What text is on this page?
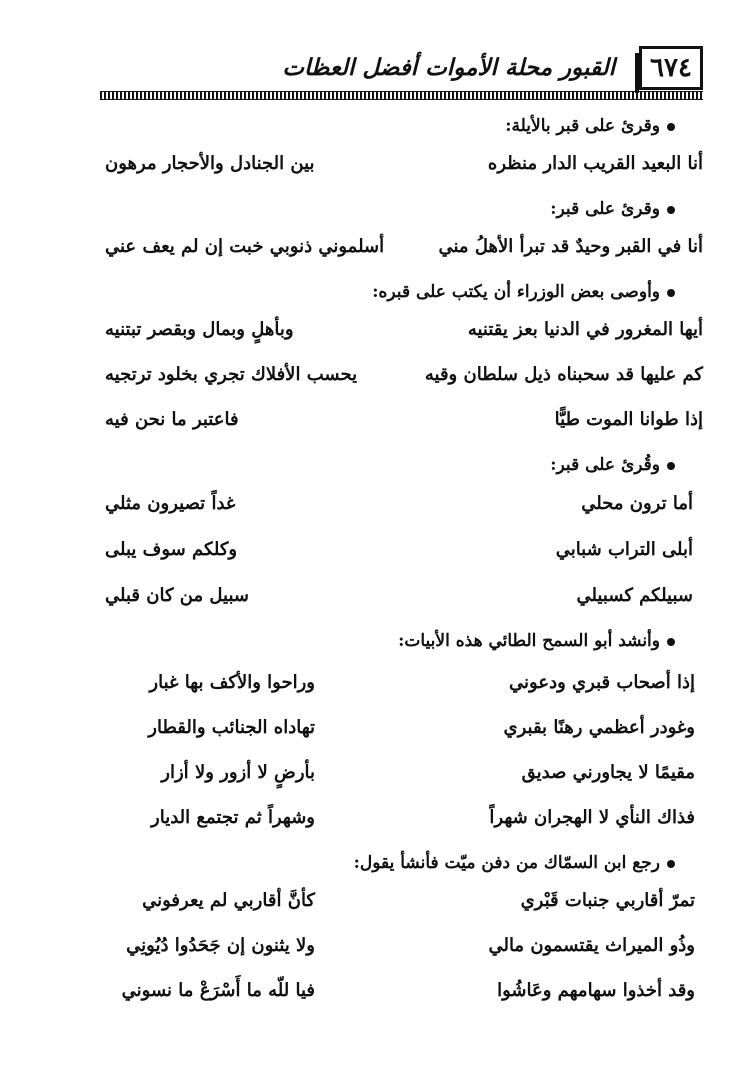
٦٧٤
القبور محلة الأموات أفضل العظات
وقرئ على قبر بالأيلة:
أنا البعيد القريب الدار منظره
بين الجنادل والأحجار مرهون
وقرئ على قبر:
أنا في القبر وحيدٌ قد تبرأ الأهلُ مني
أسلموني ذنوبي خبت إن لم يعف عني
وأوصى بعض الوزراء أن يكتب على قبره:
أيها المغرور في الدنيا بعز يقتنيه
وبأهلٍ وبمال وبقصر تبتنيه
كم عليها قد سحبناه ذيل سلطان وقيه
يحسب الأفلاك تجري بخلود ترتجيه
إذا طوانا الموت طيًّا
فاعتبر ما نحن فيه
وقُرئ على قبر:
أما ترون محلي
غداً تصيرون مثلي
أبلى التراب شبابي
وكلكم سوف يبلى
سبيلكم كسبيلي
سبيل من كان قبلي
وأنشد أبو السمح الطائي هذه الأبيات:
إذا أصحاب قبري ودعوني
وراحوا والأكف بها غبار
وغودر أعظمي رهنًا بقبري
تهاداه الجنائب والقطار
مقيمًا لا يجاورني صديق
بأرضٍ لا أزور ولا أزار
فذاك النأي لا الهجران شهراً
وشهراً ثم تجتمع الديار
رجع ابن السمّاك من دفن ميّت فأنشأ يقول:
تمرّ أقاربي جنبات قَبْري
كأنَّ أقاربي لم يعرفوني
وذُو الميراث يقتسمون مالي
ولا يثنون إن جَحَدُوا دُيُونِي
وقد أخذوا سهامهم وعَاشُوا
فيا للّه ما أَسْرَعْ ما نسوني
